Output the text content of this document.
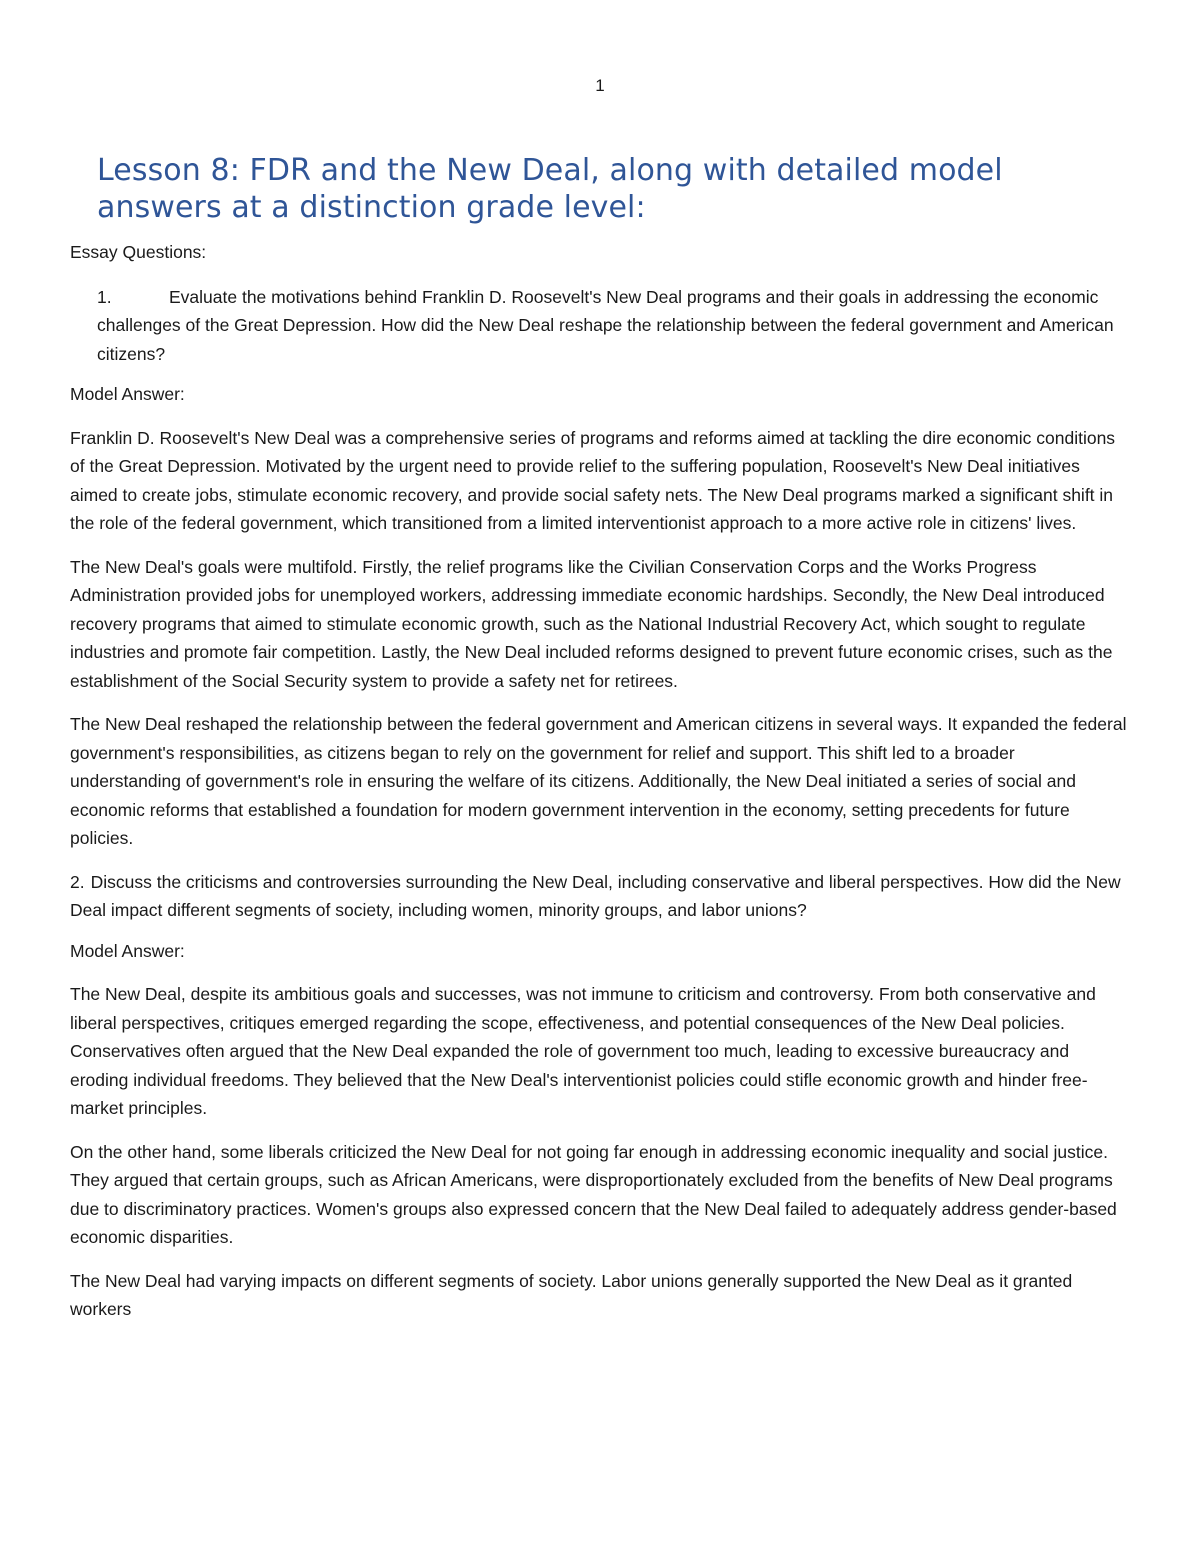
1
Lesson 8: FDR and the New Deal, along with detailed model answers at a distinction grade level:

Essay Questions:

1.	Evaluate the motivations behind Franklin D. Roosevelt's New Deal programs and their goals in addressing the economic challenges of the Great Depression. How did the New Deal reshape the relationship between the federal government and American citizens?

Model Answer:

Franklin D. Roosevelt's New Deal was a comprehensive series of programs and reforms aimed at tackling the dire economic conditions of the Great Depression. Motivated by the urgent need to provide relief to the suffering population, Roosevelt's New Deal initiatives aimed to create jobs, stimulate economic recovery, and provide social safety nets. The New Deal programs marked a significant shift in the role of the federal government, which transitioned from a limited interventionist approach to a more active role in citizens' lives.

The New Deal's goals were multifold. Firstly, the relief programs like the Civilian Conservation Corps and the Works Progress Administration provided jobs for unemployed workers, addressing immediate economic hardships. Secondly, the New Deal introduced recovery programs that aimed to stimulate economic growth, such as the National Industrial Recovery Act, which sought to regulate industries and promote fair competition. Lastly, the New Deal included reforms designed to prevent future economic crises, such as the establishment of the Social Security system to provide a safety net for retirees.

The New Deal reshaped the relationship between the federal government and American citizens in several ways. It expanded the federal government's responsibilities, as citizens began to rely on the government for relief and support. This shift led to a broader understanding of government's role in ensuring the welfare of its citizens. Additionally, the New Deal initiated a series of social and economic reforms that established a foundation for modern government intervention in the economy, setting precedents for future policies.

2. Discuss the criticisms and controversies surrounding the New Deal, including conservative and liberal perspectives. How did the New Deal impact different segments of society, including women, minority groups, and labor unions?

Model Answer:

The New Deal, despite its ambitious goals and successes, was not immune to criticism and controversy. From both conservative and liberal perspectives, critiques emerged regarding the scope, effectiveness, and potential consequences of the New Deal policies. Conservatives often argued that the New Deal expanded the role of government too much, leading to excessive bureaucracy and eroding individual freedoms. They believed that the New Deal's interventionist policies could stifle economic growth and hinder free-market principles.

On the other hand, some liberals criticized the New Deal for not going far enough in addressing economic inequality and social justice. They argued that certain groups, such as African Americans, were disproportionately excluded from the benefits of New Deal programs due to discriminatory practices. Women's groups also expressed concern that the New Deal failed to adequately address gender-based economic disparities.

The New Deal had varying impacts on different segments of society. Labor unions generally supported the New Deal as it granted workers
